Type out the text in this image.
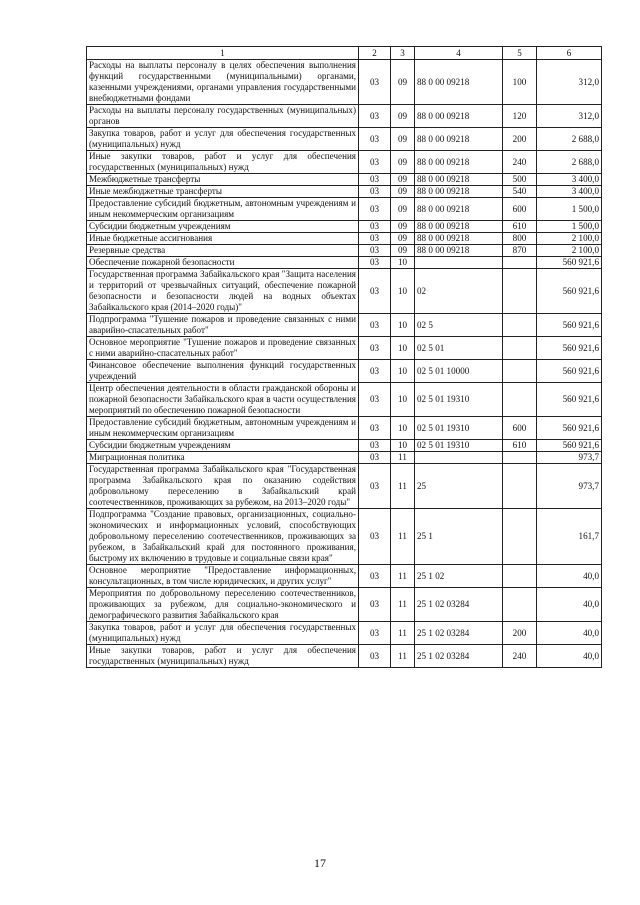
1	2	3	4	5	6
Расходы на выплаты персоналу в целях обеспечения выполнения функций государственными (муниципальными) органами, казенными учреждениями, органами управления государственными внебюджетными фондами	03	09	88 0 00 09218	100	312,0
Расходы на выплаты персоналу государственных (муниципальных) органов	03	09	88 0 00 09218	120	312,0
Закупка товаров, работ и услуг для обеспечения государственных (муниципальных) нужд	03	09	88 0 00 09218	200	2 688,0
Иные закупки товаров, работ и услуг для обеспечения государственных (муниципальных) нужд	03	09	88 0 00 09218	240	2 688,0
Межбюджетные трансферты	03	09	88 0 00 09218	500	3 400,0
Иные межбюджетные трансферты	03	09	88 0 00 09218	540	3 400,0
Предоставление субсидий бюджетным, автономным учреждениям и иным некоммерческим организациям	03	09	88 0 00 09218	600	1 500,0
Субсидии бюджетным учреждениям	03	09	88 0 00 09218	610	1 500,0
Иные бюджетные ассигнования	03	09	88 0 00 09218	800	2 100,0
Резервные средства	03	09	88 0 00 09218	870	2 100,0
Обеспечение пожарной безопасности	03	10			560 921,6
Государственная программа Забайкальского края "Защита населения и территорий от чрезвычайных ситуаций, обеспечение пожарной безопасности и безопасности людей на водных объектах Забайкальского края (2014–2020 годы)"	03	10	02		560 921,6
Подпрограмма "Тушение пожаров и проведение связанных с ними аварийно-спасательных работ"	03	10	02 5		560 921,6
Основное мероприятие "Тушение пожаров и проведение связанных с ними аварийно-спасательных работ"	03	10	02 5 01		560 921,6
Финансовое обеспечение выполнения функций государственных учреждений	03	10	02 5 01 10000		560 921,6
Центр обеспечения деятельности в области гражданской обороны и пожарной безопасности Забайкальского края в части осуществления мероприятий по обеспечению пожарной безопасности	03	10	02 5 01 19310		560 921,6
Предоставление субсидий бюджетным, автономным учреждениям и иным некоммерческим организациям	03	10	02 5 01 19310	600	560 921,6
Субсидии бюджетным учреждениям	03	10	02 5 01 19310	610	560 921,6
Миграционная политика	03	11			973,7
Государственная программа Забайкальского края "Государственная программа Забайкальского края по оказанию содействия добровольному переселению в Забайкальский край соотечественников, проживающих за рубежом, на 2013–2020 годы"	03	11	25		973,7
Подпрограмма "Создание правовых, организационных, социально-экономических и информационных условий, способствующих добровольному переселению соотечественников, проживающих за рубежом, в Забайкальский край для постоянного проживания, быстрому их включению в трудовые и социальные связи края"	03	11	25 1		161,7
Основное мероприятие "Предоставление информационных, консультационных, в том числе юридических, и других услуг"	03	11	25 1 02		40,0
Мероприятия по добровольному переселению соотечественников, проживающих за рубежом, для социально-экономического и демографического развития Забайкальского края	03	11	25 1 02 03284		40,0
Закупка товаров, работ и услуг для обеспечения государственных (муниципальных) нужд	03	11	25 1 02 03284	200	40,0
Иные закупки товаров, работ и услуг для обеспечения государственных (муниципальных) нужд	03	11	25 1 02 03284	240	40,0
17
